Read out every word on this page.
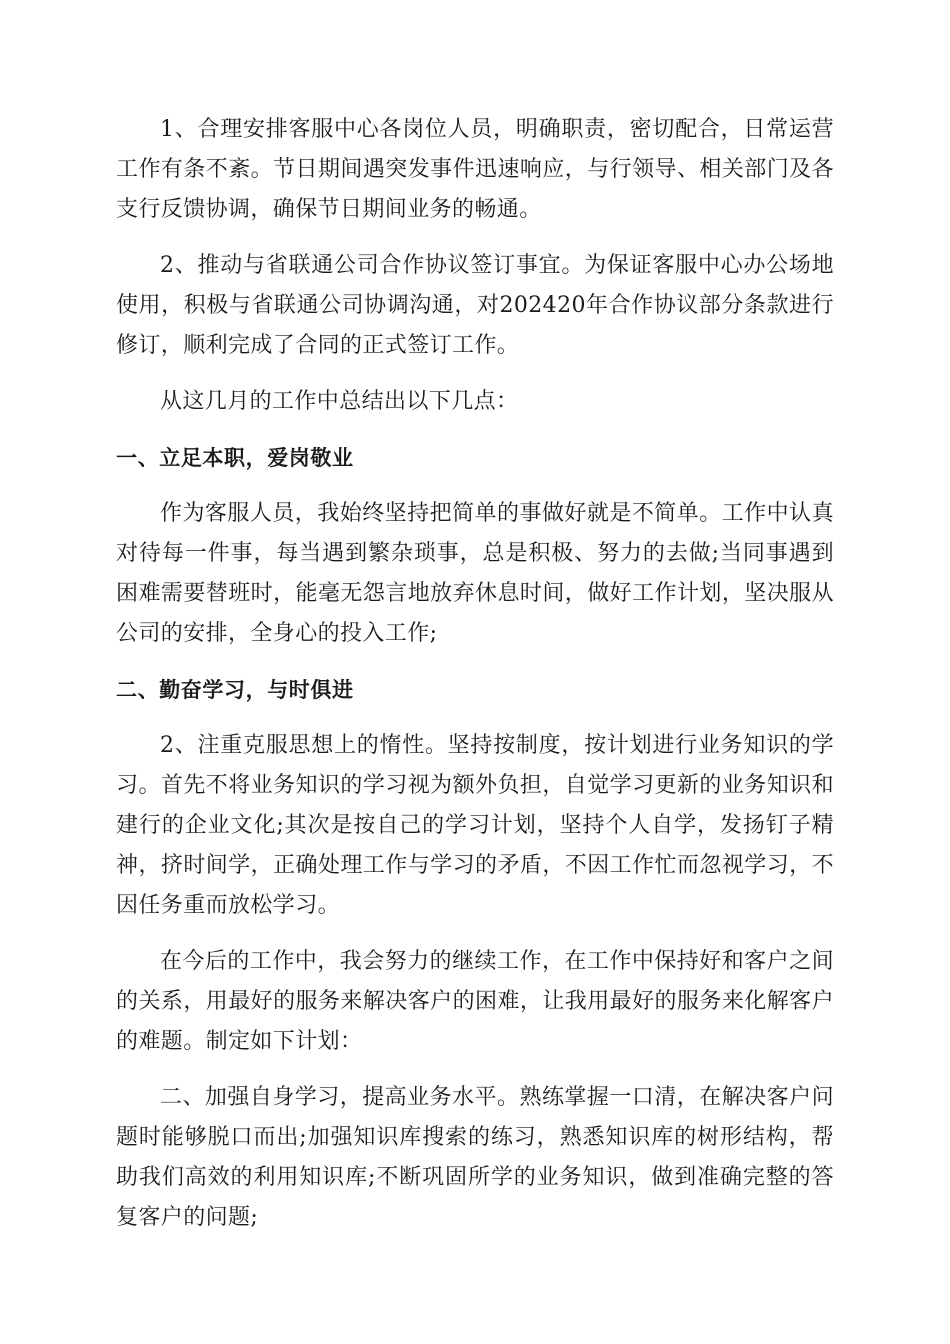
1、合理安排客服中心各岗位人员，明确职责，密切配合，日常运营工作有条不紊。节日期间遇突发事件迅速响应，与行领导、相关部门及各支行反馈协调，确保节日期间业务的畅通。

2、推动与省联通公司合作协议签订事宜。为保证客服中心办公场地使用，积极与省联通公司协调沟通，对202420年合作协议部分条款进行修订，顺利完成了合同的正式签订工作。

从这几月的工作中总结出以下几点：

一、立足本职，爱岗敬业

作为客服人员，我始终坚持把简单的事做好就是不简单。工作中认真对待每一件事，每当遇到繁杂琐事，总是积极、努力的去做;当同事遇到困难需要替班时，能毫无怨言地放弃休息时间，做好工作计划，坚决服从公司的安排，全身心的投入工作;

二、勤奋学习，与时俱进

2、注重克服思想上的惰性。坚持按制度，按计划进行业务知识的学习。首先不将业务知识的学习视为额外负担，自觉学习更新的业务知识和建行的企业文化;其次是按自己的学习计划，坚持个人自学，发扬钉子精神，挤时间学，正确处理工作与学习的矛盾，不因工作忙而忽视学习，不因任务重而放松学习。

在今后的工作中，我会努力的继续工作，在工作中保持好和客户之间的关系，用最好的服务来解决客户的困难，让我用最好的服务来化解客户的难题。制定如下计划：

二、加强自身学习，提高业务水平。熟练掌握一口清，在解决客户问题时能够脱口而出;加强知识库搜索的练习，熟悉知识库的树形结构，帮助我们高效的利用知识库;不断巩固所学的业务知识，做到准确完整的答复客户的问题;
